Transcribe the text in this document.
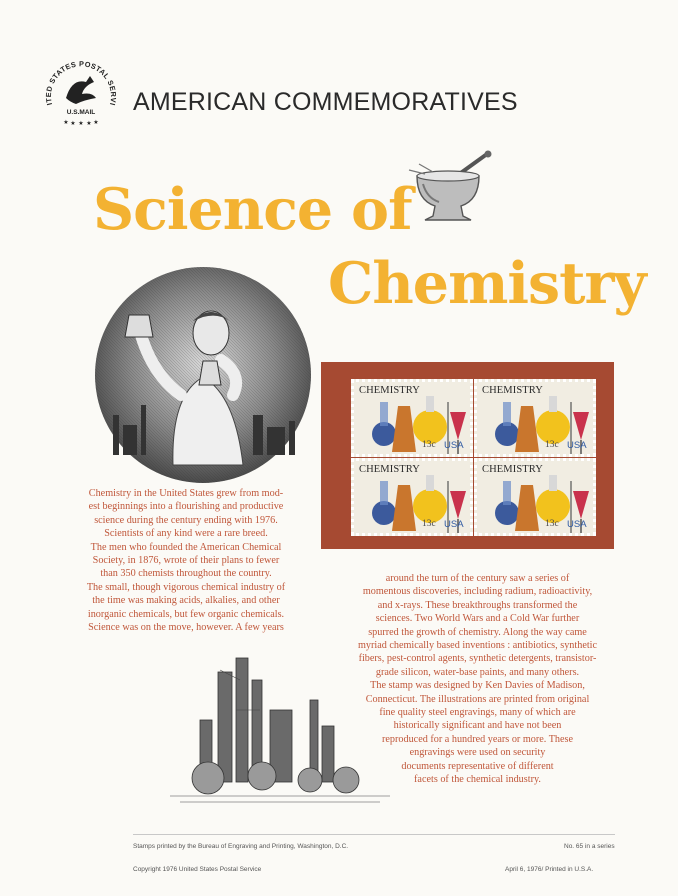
ITED STATES POSTAL SERVI
U.S.MAIL
★ ★ ★ ★ ★
AMERICAN COMMEMORATIVES
Science of
Chemistry
CHEMISTRY
13c USA
CHEMISTRY
13c USA
CHEMISTRY
13c USA
CHEMISTRY
13c USA

Chemistry in the United States grew from mod-

est beginnings into a flourishing and productive

science during the century ending with 1976.

Scientists of any kind were a rare breed.

The men who founded the American Chemical

Society, in 1876, wrote of their plans to fewer

than 350 chemists throughout the country.

The small, though vigorous chemical industry of

the time was making acids, alkalies, and other

inorganic chemicals, but few organic chemicals.

Science was on the move, however. A few years

around the turn of the century saw a series of

momentous discoveries, including radium, radioactivity,

and x-rays. These breakthroughs transformed the

sciences. Two World Wars and a Cold War further

spurred the growth of chemistry. Along the way came

myriad chemically based inventions : antibiotics, synthetic

fibers, pest-control agents, synthetic detergents, transistor-

grade silicon, water-base paints, and many others.

The stamp was designed by Ken Davies of Madison,

Connecticut. The illustrations are printed from original

fine quality steel engravings, many of which are

historically significant and have not been

reproduced for a hundred years or more. These

engravings were used on security

documents representative of different

facets of the chemical industry.

Stamps printed by the Bureau of Engraving and Printing, Washington, D.C.
Copyright 1976 United States Postal Service
No. 65 in a series
April 6, 1976/ Printed in U.S.A.
